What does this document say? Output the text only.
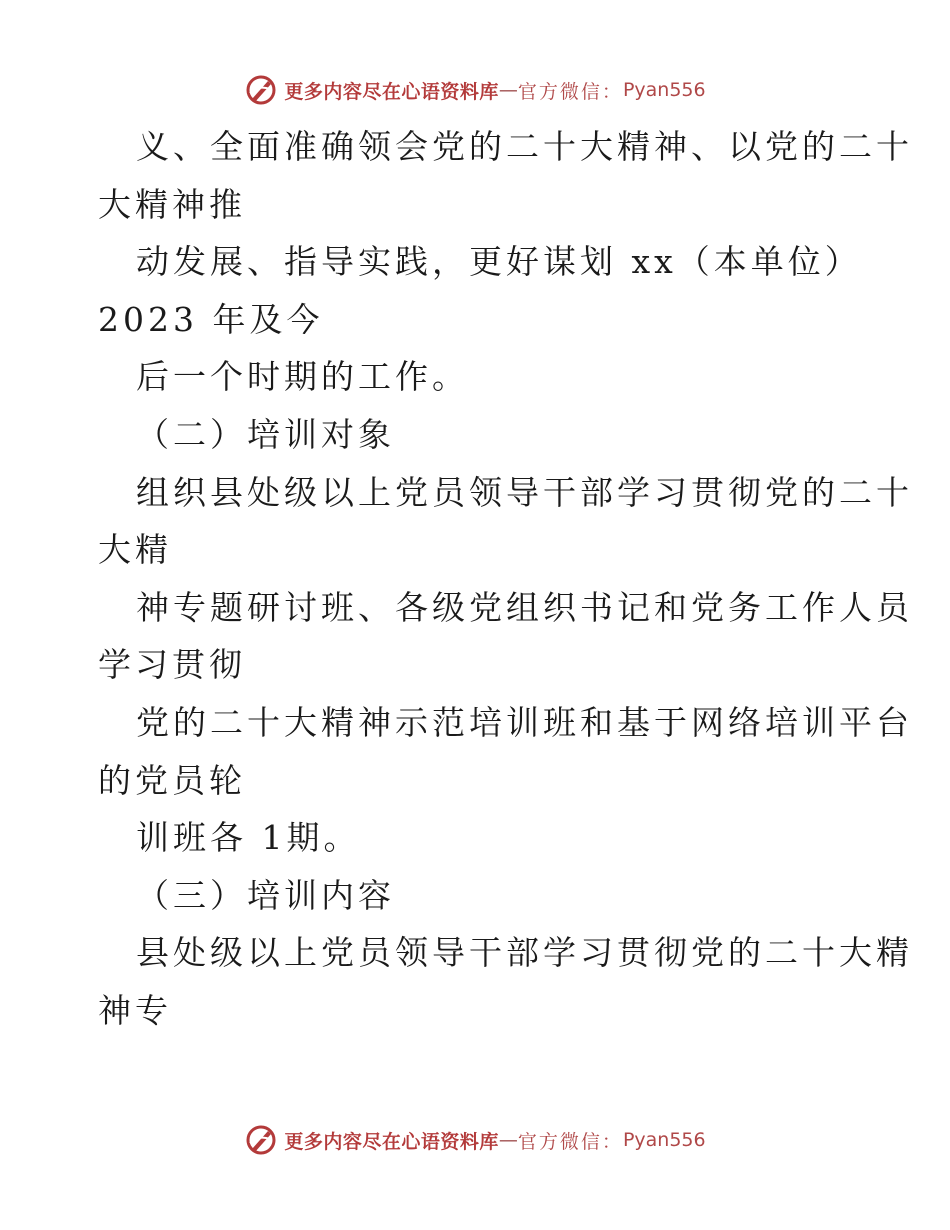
更多内容尽在心语资料库 — 官方微信： Pyan556
义、全面准确领会党的二十大精神、以党的二十
大精神推
动发展、指导实践，更好谋划 xx（本单位）
2023 年及今
后一个时期的工作。
（二）培训对象
组织县处级以上党员领导干部学习贯彻党的二十
大精
神专题研讨班、各级党组织书记和党务工作人员
学习贯彻
党的二十大精神示范培训班和基于网络培训平台
的党员轮
训班各 1期。
（三）培训内容
县处级以上党员领导干部学习贯彻党的二十大精
神专
更多内容尽在心语资料库 — 官方微信： Pyan556
